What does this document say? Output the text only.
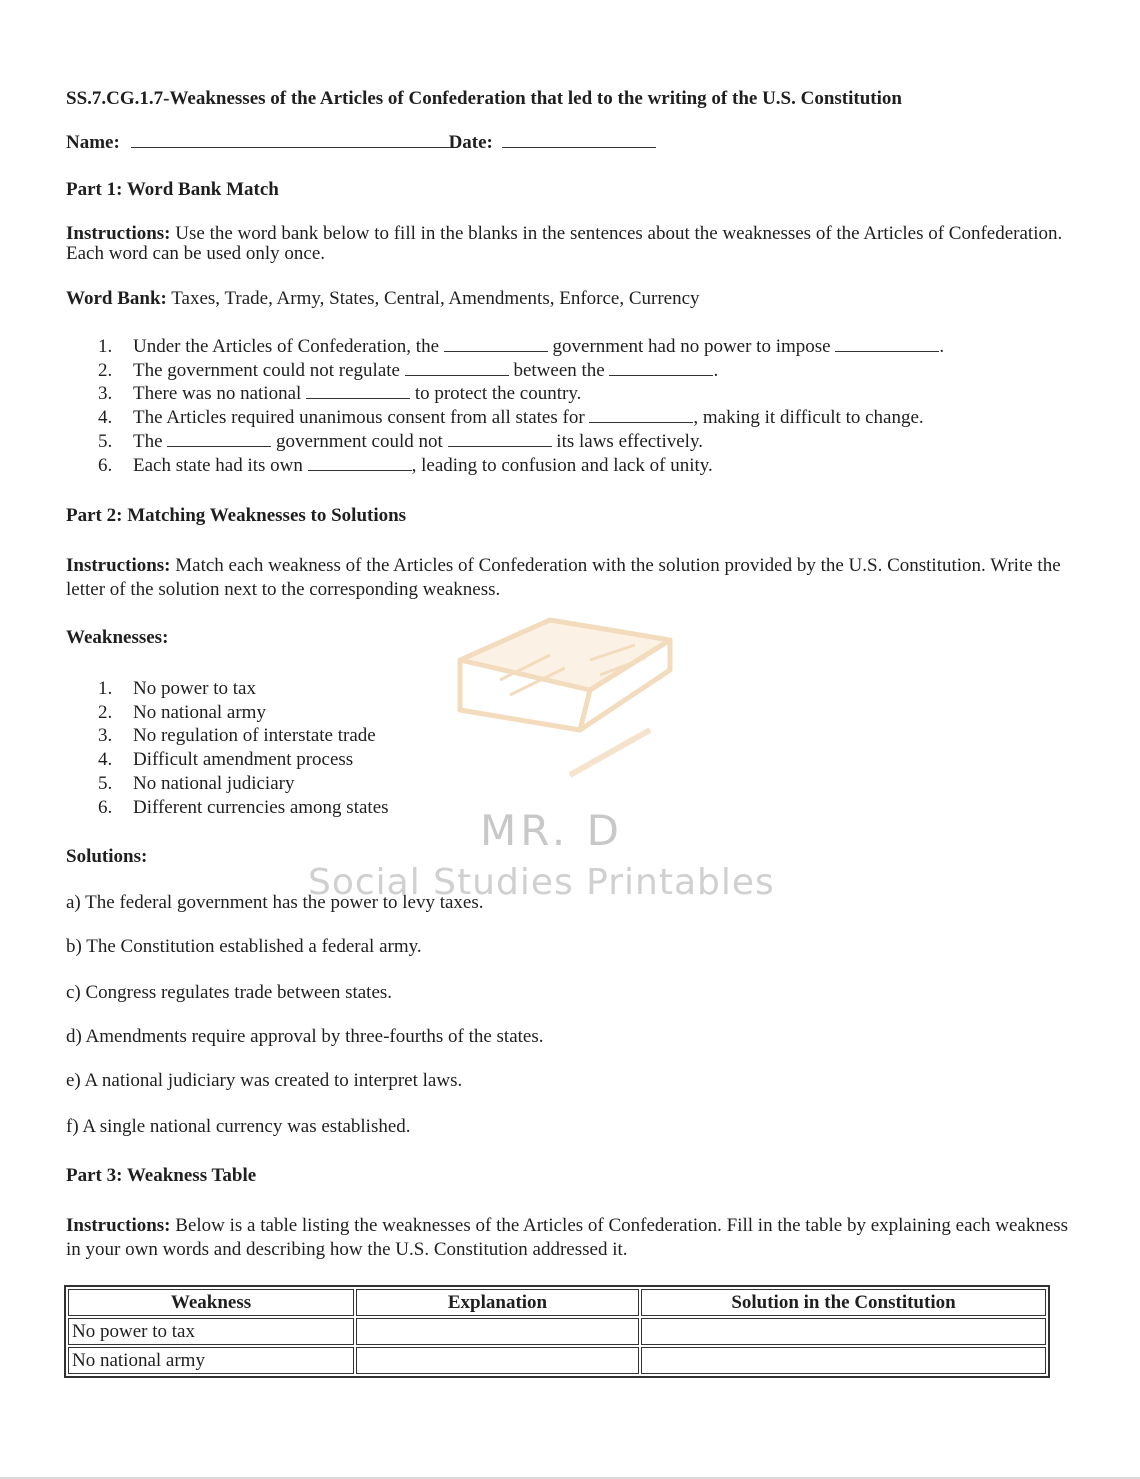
SS.7.CG.1.7-Weaknesses of the Articles of Confederation that led to the writing of the U.S. Constitution
Name:	Date:
Part 1: Word Bank Match
Instructions: Use the word bank below to fill in the blanks in the sentences about the weaknesses of the Articles of Confederation. Each word can be used only once.
Word Bank: Taxes, Trade, Army, States, Central, Amendments, Enforce, Currency
1. Under the Articles of Confederation, the	government had no power to impose	.
2. The government could not regulate	between the	.
3. There was no national	to protect the country.
4. The Articles required unanimous consent from all states for	, making it difficult to change.
5. The	government could not	its laws effectively.
6. Each state had its own	, leading to confusion and lack of unity.
Part 2: Matching Weaknesses to Solutions
Instructions: Match each weakness of the Articles of Confederation with the solution provided by the U.S. Constitution. Write the letter of the solution next to the corresponding weakness.
Weaknesses:
1. No power to tax
2. No national army
3. No regulation of interstate trade
4. Difficult amendment process
5. No national judiciary
6. Different currencies among states MR. D
Social Studies Printables
Solutions:
a) The federal government has the power to levy taxes.
b) The Constitution established a federal army.
c) Congress regulates trade between states.
d) Amendments require approval by three-fourths of the states.
e) A national judiciary was created to interpret laws.
f) A single national currency was established.
Part 3: Weakness Table
Instructions: Below is a table listing the weaknesses of the Articles of Confederation. Fill in the table by explaining each weakness in your own words and describing how the U.S. Constitution addressed it.
Weakness	Explanation	Solution in the Constitution
No power to tax		
No national army		
